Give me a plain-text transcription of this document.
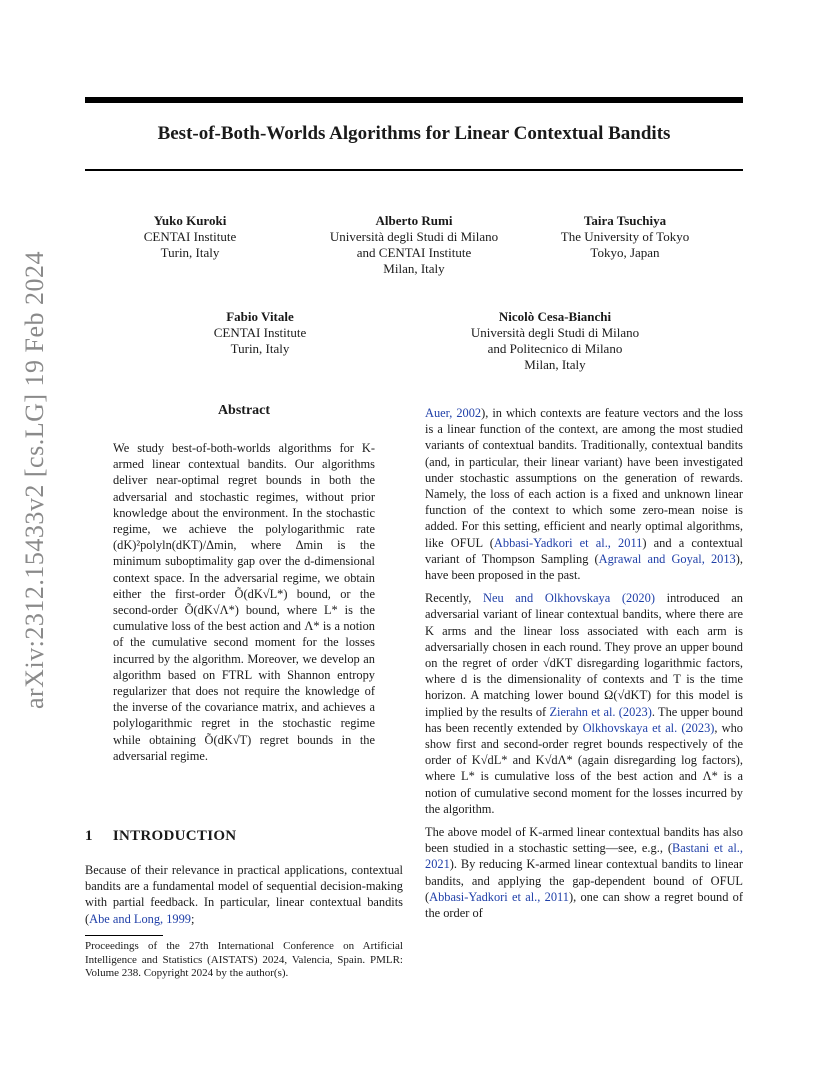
arXiv:2312.15433v2 [cs.LG] 19 Feb 2024
Best-of-Both-Worlds Algorithms for Linear Contextual Bandits
Yuko Kuroki
CENTAI Institute
Turin, Italy
Alberto Rumi
Università degli Studi di Milano
and CENTAI Institute
Milan, Italy
Taira Tsuchiya
The University of Tokyo
Tokyo, Japan
Fabio Vitale
CENTAI Institute
Turin, Italy
Nicolò Cesa-Bianchi
Università degli Studi di Milano
and Politecnico di Milano
Milan, Italy
Abstract

We study best-of-both-worlds algorithms for K-armed linear contextual bandits. Our algorithms deliver near-optimal regret bounds in both the adversarial and stochastic regimes, without prior knowledge about the environment. In the stochastic regime, we achieve the polylogarithmic rate (dK)²polyln(dKT)/Δmin, where Δmin is the minimum suboptimality gap over the d-dimensional context space. In the adversarial regime, we obtain either the first-order Õ(dK√L*) bound, or the second-order Õ(dK√Λ*) bound, where L* is the cumulative loss of the best action and Λ* is a notion of the cumulative second moment for the losses incurred by the algorithm. Moreover, we develop an algorithm based on FTRL with Shannon entropy regularizer that does not require the knowledge of the inverse of the covariance matrix, and achieves a polylogarithmic regret in the stochastic regime while obtaining Õ(dK√T) regret bounds in the adversarial regime.

1 INTRODUCTION

Because of their relevance in practical applications, contextual bandits are a fundamental model of sequential decision-making with partial feedback. In particular, linear contextual bandits (Abe and Long, 1999;

Proceedings of the 27th International Conference on Artificial Intelligence and Statistics (AISTATS) 2024, Valencia, Spain. PMLR: Volume 238. Copyright 2024 by the author(s).

Auer, 2002), in which contexts are feature vectors and the loss is a linear function of the context, are among the most studied variants of contextual bandits. Traditionally, contextual bandits (and, in particular, their linear variant) have been investigated under stochastic assumptions on the generation of rewards. Namely, the loss of each action is a fixed and unknown linear function of the context to which some zero-mean noise is added. For this setting, efficient and nearly optimal algorithms, like OFUL (Abbasi-Yadkori et al., 2011) and a contextual variant of Thompson Sampling (Agrawal and Goyal, 2013), have been proposed in the past.

Recently, Neu and Olkhovskaya (2020) introduced an adversarial variant of linear contextual bandits, where there are K arms and the linear loss associated with each arm is adversarially chosen in each round. They prove an upper bound on the regret of order √dKT disregarding logarithmic factors, where d is the dimensionality of contexts and T is the time horizon. A matching lower bound Ω(√dKT) for this model is implied by the results of Zierahn et al. (2023). The upper bound has been recently extended by Olkhovskaya et al. (2023), who show first and second-order regret bounds respectively of the order of K√dL* and K√dΛ* (again disregarding log factors), where L* is cumulative loss of the best action and Λ* is a notion of cumulative second moment for the losses incurred by the algorithm.

The above model of K-armed linear contextual bandits has also been studied in a stochastic setting—see, e.g., (Bastani et al., 2021). By reducing K-armed linear contextual bandits to linear bandits, and applying the gap-dependent bound of OFUL (Abbasi-Yadkori et al., 2011), one can show a regret bound of the order of
